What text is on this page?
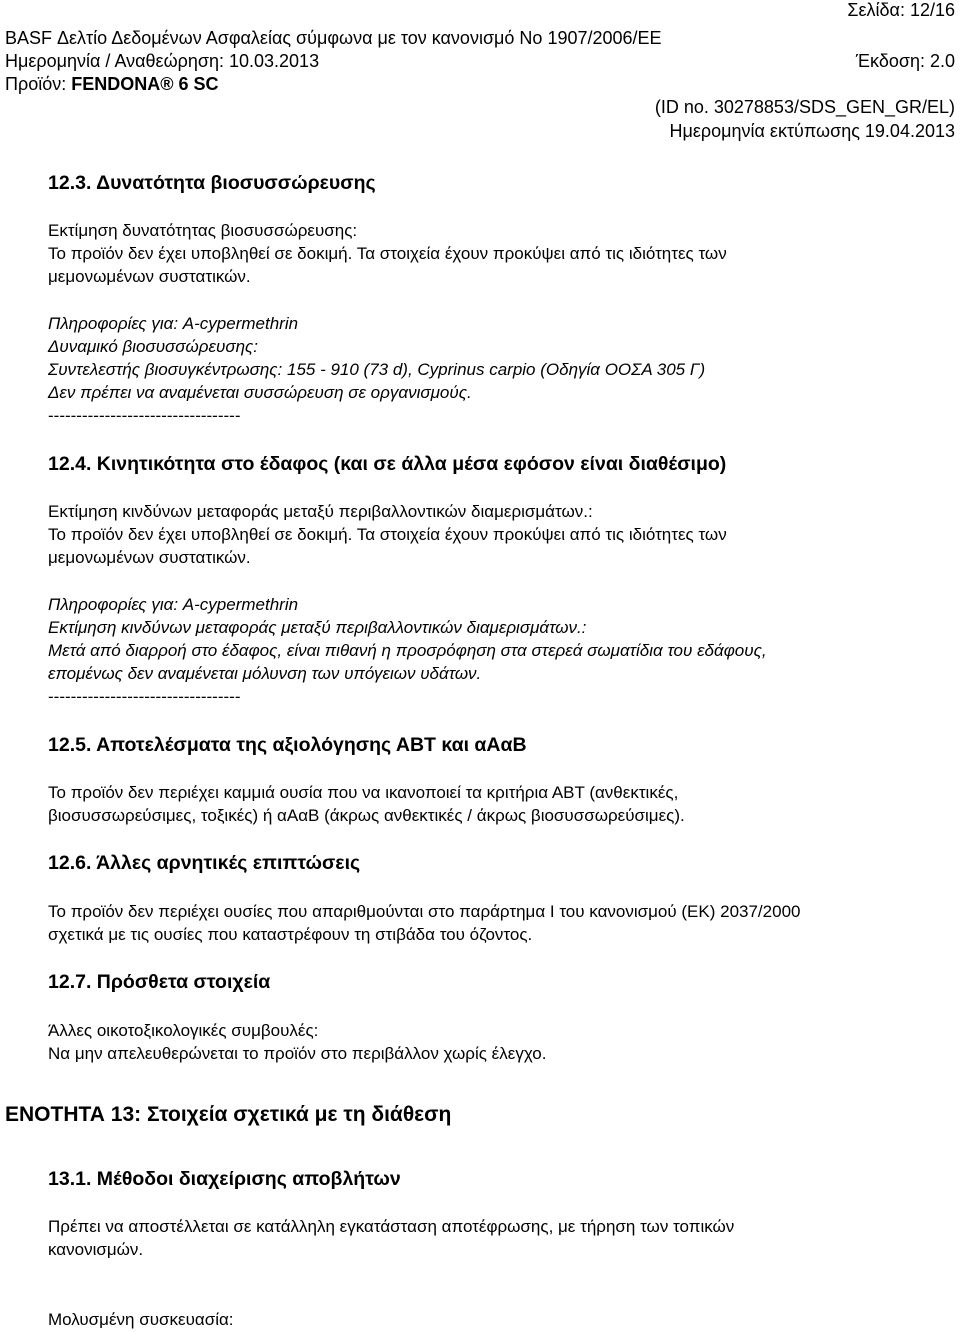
Σελίδα: 12/16
BASF Δελτίο Δεδομένων Ασφαλείας σύμφωνα με τον κανονισμό Νο 1907/2006/ΕΕ
Ημερομηνία / Αναθεώρηση: 10.03.2013	Έκδοση: 2.0
Προϊόν: FENDONA® 6 SC
(ID no. 30278853/SDS_GEN_GR/EL)
Ημερομηνία εκτύπωσης 19.04.2013
12.3. Δυνατότητα βιοσυσσώρευσης
Εκτίμηση δυνατότητας βιοσυσσώρευσης:
Το προϊόν δεν έχει υποβληθεί σε δοκιμή. Τα στοιχεία έχουν προκύψει από τις ιδιότητες των
μεμονωμένων συστατικών.
Πληροφορίες για: A-cypermethrin
Δυναμικό βιοσυσσώρευσης:
Συντελεστής βιοσυγκέντρωσης: 155 - 910 (73 d), Cyprinus carpio (Οδηγία ΟΟΣΑ 305 Γ)
Δεν πρέπει να αναμένεται συσσώρευση σε οργανισμούς.
----------------------------------
12.4. Κινητικότητα στο έδαφος (και σε άλλα μέσα εφόσον είναι διαθέσιμο)
Εκτίμηση κινδύνων μεταφοράς μεταξύ περιβαλλοντικών διαμερισμάτων.:
Το προϊόν δεν έχει υποβληθεί σε δοκιμή. Τα στοιχεία έχουν προκύψει από τις ιδιότητες των
μεμονωμένων συστατικών.
Πληροφορίες για: A-cypermethrin
Εκτίμηση κινδύνων μεταφοράς μεταξύ περιβαλλοντικών διαμερισμάτων.:
Μετά από διαρροή στο έδαφος, είναι πιθανή η προσρόφηση στα στερεά σωματίδια του εδάφους,
επομένως δεν αναμένεται μόλυνση των υπόγειων υδάτων.
----------------------------------
12.5. Αποτελέσματα της αξιολόγησης ΑΒΤ και αΑαΒ
Το προϊόν δεν περιέχει καμμιά ουσία που να ικανοποιεί τα κριτήρια ΑΒΤ (ανθεκτικές,
βιοσυσσωρεύσιμες, τοξικές) ή αΑαΒ (άκρως ανθεκτικές / άκρως βιοσυσσωρεύσιμες).
12.6. Άλλες αρνητικές επιπτώσεις
Το προϊόν δεν περιέχει ουσίες που απαριθμούνται στο παράρτημα I του κανονισμού (ΕΚ) 2037/2000
σχετικά με τις ουσίες που καταστρέφουν τη στιβάδα του όζοντος.
12.7. Πρόσθετα στοιχεία
Άλλες οικοτοξικολογικές συμβουλές:
Να μην απελευθερώνεται το προϊόν στο περιβάλλον χωρίς έλεγχο.
ΕΝΟΤΗΤΑ 13: Στοιχεία σχετικά με τη διάθεση
13.1. Μέθοδοι διαχείρισης αποβλήτων
Πρέπει να αποστέλλεται σε κατάλληλη εγκατάσταση αποτέφρωσης, με τήρηση των τοπικών
κανονισμών.
Μολυσμένη συσκευασία:
